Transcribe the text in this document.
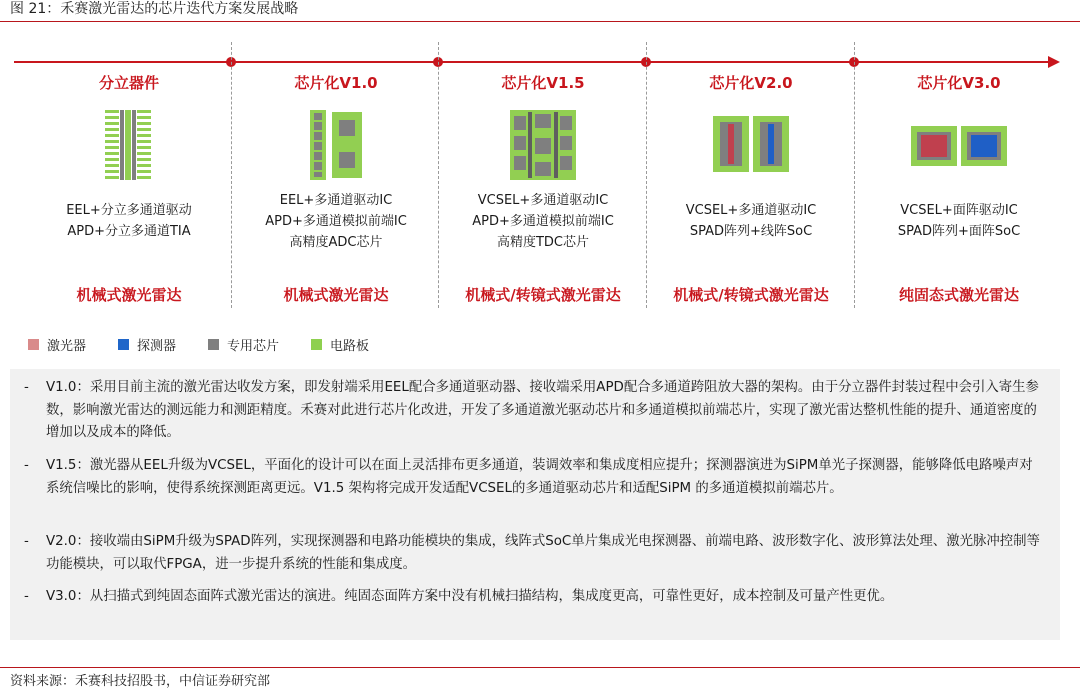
图 21：禾赛激光雷达的芯片迭代方案发展战略
分立器件
EEL+分立多通道驱动
APD+分立多通道TIA
机械式激光雷达
芯片化V1.0
EEL+多通道驱动IC
APD+多通道模拟前端IC
高精度ADC芯片
机械式激光雷达
芯片化V1.5
VCSEL+多通道驱动IC
APD+多通道模拟前端IC
高精度TDC芯片
机械式/转镜式激光雷达
芯片化V2.0
VCSEL+多通道驱动IC
SPAD阵列+线阵SoC
机械式/转镜式激光雷达
芯片化V3.0
VCSEL+面阵驱动IC
SPAD阵列+面阵SoC
纯固态式激光雷达
激光器	探测器	专用芯片	电路板
- V1.0：采用目前主流的激光雷达收发方案，即发射端采用EEL配合多通道驱动器、接收端采用APD配合多通道跨阻放大器的架构。由于分立器件封装过程中会引入寄生参数，影响激光雷达的测远能力和测距精度。禾赛对此进行芯片化改进，开发了多通道激光驱动芯片和多通道模拟前端芯片，实现了激光雷达整机性能的提升、通道密度的增加以及成本的降低。
- V1.5：激光器从EEL升级为VCSEL，平面化的设计可以在面上灵活排布更多通道，装调效率和集成度相应提升；探测器演进为SiPM单光子探测器，能够降低电路噪声对系统信噪比的影响，使得系统探测距离更远。V1.5 架构将完成开发适配VCSEL的多通道驱动芯片和适配SiPM 的多通道模拟前端芯片。
- V2.0：接收端由SiPM升级为SPAD阵列，实现探测器和电路功能模块的集成，线阵式SoC单片集成光电探测器、前端电路、波形数字化、波形算法处理、激光脉冲控制等功能模块，可以取代FPGA，进一步提升系统的性能和集成度。
- V3.0：从扫描式到纯固态面阵式激光雷达的演进。纯固态面阵方案中没有机械扫描结构，集成度更高，可靠性更好，成本控制及可量产性更优。
资料来源：禾赛科技招股书，中信证券研究部
